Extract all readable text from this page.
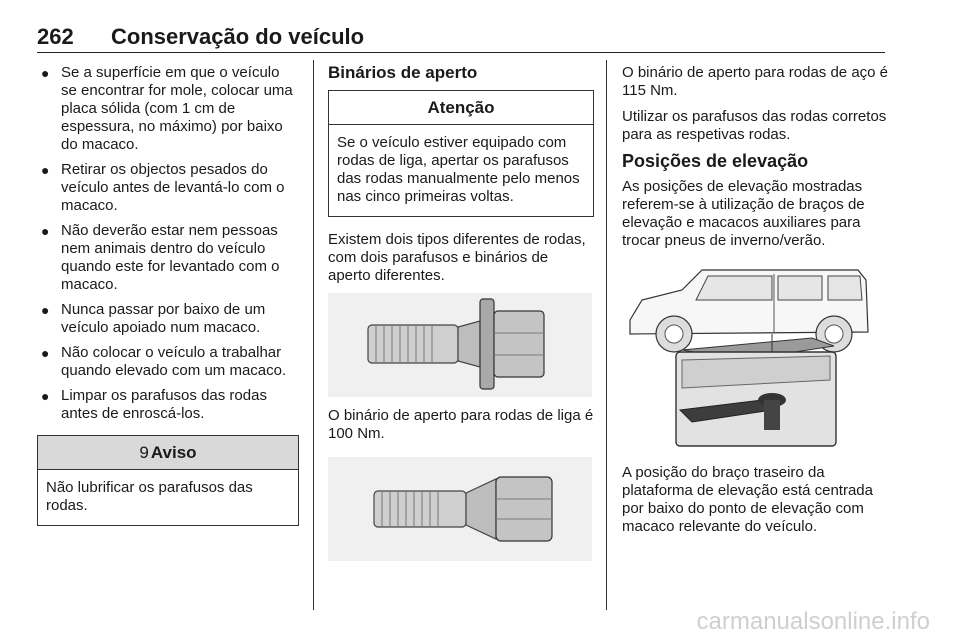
262 Conservação do veículo
● Se a superfície em que o veículo se encontrar for mole, colocar uma placa sólida (com 1 cm de espessura, no máximo) por baixo do macaco.
● Retirar os objectos pesados do veículo antes de levantá-lo com o macaco.
● Não deverão estar nem pessoas nem animais dentro do veículo quando este for levantado com o macaco.
● Nunca passar por baixo de um veículo apoiado num macaco.
● Não colocar o veículo a trabalhar quando elevado com um macaco.
● Limpar os parafusos das rodas antes de enroscá-los.
9 Aviso
Não lubrificar os parafusos das rodas.
Binários de aperto
Atenção
Se o veículo estiver equipado com rodas de liga, apertar os parafusos das rodas manualmente pelo menos nas cinco primeiras voltas.

Existem dois tipos diferentes de rodas, com dois parafusos e binários de aperto diferentes.

O binário de aperto para rodas de liga é 100 Nm.

O binário de aperto para rodas de aço é 115 Nm.

Utilizar os parafusos das rodas corretos para as respetivas rodas.

Posições de elevação

As posições de elevação mostradas referem-se à utilização de braços de elevação e macacos auxiliares para trocar pneus de inverno/verão.

A posição do braço traseiro da plataforma de elevação está centrada por baixo do ponto de elevação com macaco relevante do veículo.

carmanualsonline.info
